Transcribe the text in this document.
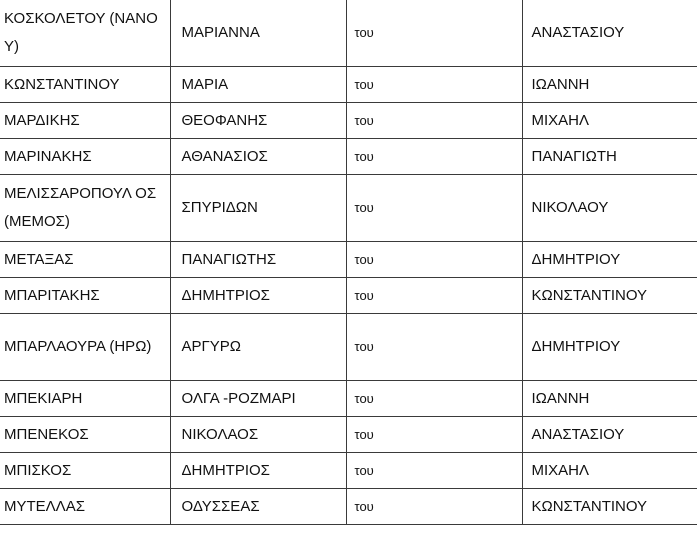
ΚΟΣΚΟΛΕΤΟΥ (ΝΑΝΟΥ)	ΜΑΡΙΑΝΝΑ	του	ΑΝΑΣΤΑΣΙΟΥ
ΚΩΝΣΤΑΝΤΙΝΟΥ	ΜΑΡΙΑ	του	ΙΩΑΝΝΗ
ΜΑΡΔΙΚΗΣ	ΘΕΟΦΑΝΗΣ	του	ΜΙΧΑΗΛ
ΜΑΡΙΝΑΚΗΣ	ΑΘΑΝΑΣΙΟΣ	του	ΠΑΝΑΓΙΩΤΗ
ΜΕΛΙΣΣΑΡΟΠΟΥΛ ΟΣ (ΜΕΜΟΣ)	ΣΠΥΡΙΔΩΝ	του	ΝΙΚΟΛΑΟΥ
ΜΕΤΑΞΑΣ	ΠΑΝΑΓΙΩΤΗΣ	του	ΔΗΜΗΤΡΙΟΥ
ΜΠΑΡΙΤΑΚΗΣ	ΔΗΜΗΤΡΙΟΣ	του	ΚΩΝΣΤΑΝΤΙΝΟΥ
ΜΠΑΡΛΑΟΥΡΑ (ΗΡΩ)	ΑΡΓΥΡΩ	του	ΔΗΜΗΤΡΙΟΥ
ΜΠΕΚΙΑΡΗ	ΟΛΓΑ -ΡΟΖΜΑΡΙ	του	ΙΩΑΝΝΗ
ΜΠΕΝΕΚΟΣ	ΝΙΚΟΛΑΟΣ	του	ΑΝΑΣΤΑΣΙΟΥ
ΜΠΙΣΚΟΣ	ΔΗΜΗΤΡΙΟΣ	του	ΜΙΧΑΗΛ
ΜΥΤΕΛΛΑΣ	ΟΔΥΣΣΕΑΣ	του	ΚΩΝΣΤΑΝΤΙΝΟΥ
